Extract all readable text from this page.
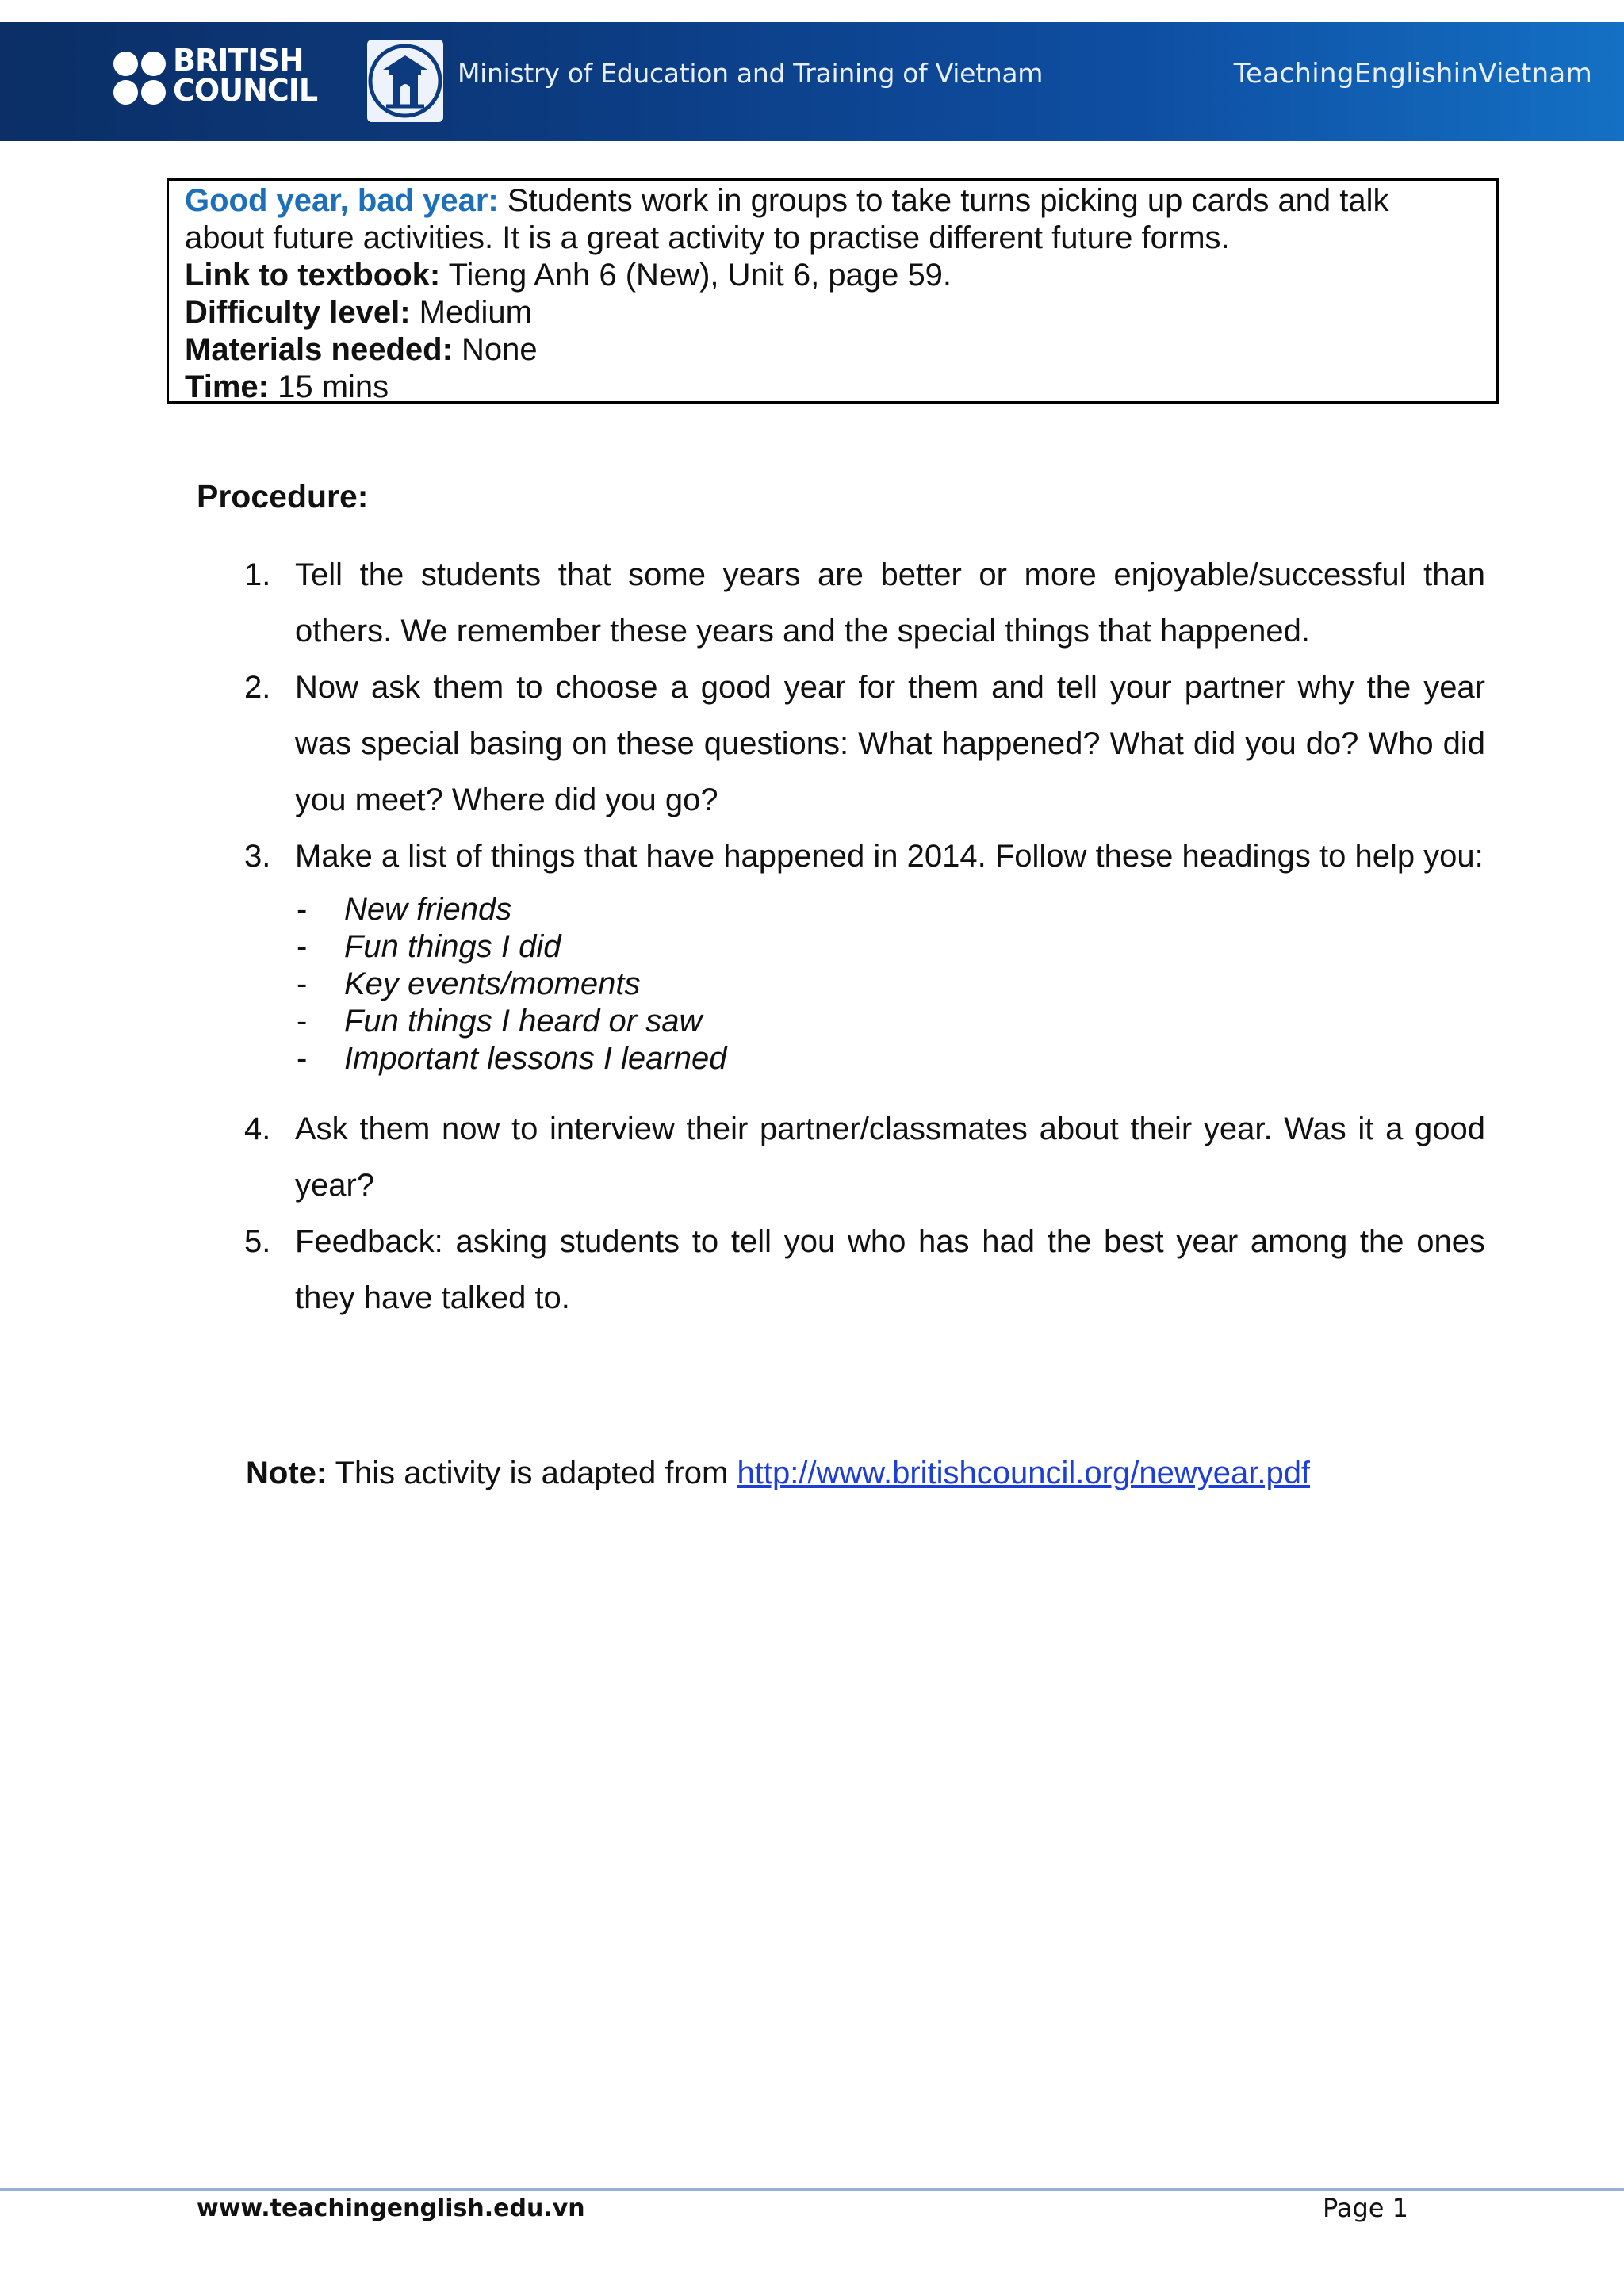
BRITISH
COUNCIL	Ministry of Education and Training of Vietnam	TeachingEnglishinVietnam
Good year, bad year: Students work in groups to take turns picking up cards and talk
about future activities. It is a great activity to practise different future forms.
Link to textbook: Tieng Anh 6 (New), Unit 6, page 59.
Difficulty level: Medium
Materials needed: None
Time: 15 mins
Procedure:
1. Tell the students that some years are better or more enjoyable/successful than others. We remember these years and the special things that happened.
2. Now ask them to choose a good year for them and tell your partner why the year was special basing on these questions: What happened? What did you do? Who did you meet? Where did you go?
3. Make a list of things that have happened in 2014. Follow these headings to help you:
- New friends
- Fun things I did
- Key events/moments
- Fun things I heard or saw
- Important lessons I learned
4. Ask them now to interview their partner/classmates about their year. Was it a good year?
5. Feedback: asking students to tell you who has had the best year among the ones they have talked to.
Note: This activity is adapted from http://www.britishcouncil.org/newyear.pdf
www.teachingenglish.edu.vn	Page 1
